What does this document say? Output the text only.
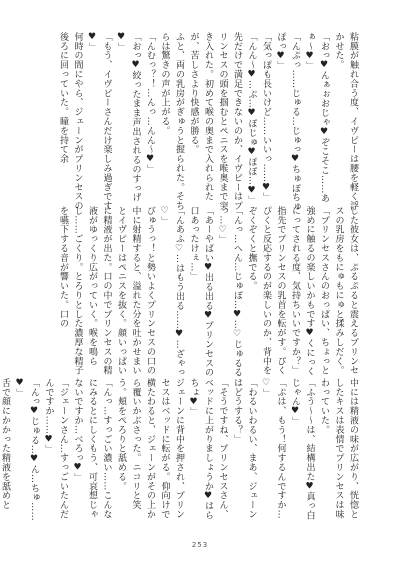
粘膜が触れ合う度、イヴピーは腰を軽く浮かせた。
「おっ♥んぁぉおじゃ♥ぞこそこ……あぁ～♥」
「んぷっ……じゅる…じゅっ♥ちゅぽちゅぽっ♥」
「気っぽも長いけど……いいっ……♥」
「んん～♥…ぷ…♥ぽじゅ♥ぽぽ…♥」
先だけで満足できないのか、イヴピーはプリンセスの頭を掴むとペニスを喉奥まで突き入れた。初めて喉の奥まで入れられたが、苦しさより快感が勝る。
ふと、両の乳房がぎゅうと握られた。そちらは驚きの声が上がる。
「んむっ？！…んっ…んん～♥」
「おっ♥絞ったまま声出されるのすっげ♥」
「もう、イヴピーさんだけ楽しみ過ぎです♥」
何時の間にやら、ジェーンがプリンセスの後ろに回っていた。瞳を持て余
した彼女は、ぷるぷると震えるプリンセスの乳房をもにゅもにゅと揉みしだく。
「プリンセスさんのおっぱい、ちょっと強めに触るの楽しいかもです♥くにっくにってされる度、気持ちいいですか？」
指先でプリンセスの乳首を転がす。ぴくぴくと反応するのが楽しいのか、背中をぞくぞくと撫でる。
「んっ…へん…じゅぽ…♥…♡じゅるるっ…♡」
「あーやばい♥出る出る♥プリンセスの口あったけぇ…」
「んあふ♡…はもう出る……♥…ざゃっ♡」
びゅうっ！と勢いよくプリンセスの口の中に射精すると、溢れた分を吐かせまいとイヴピーはペニスを抜く。顔いっぱいに精液が出た。口の中でプリンセスの精液がゆっくり広がっていく。喉を鳴らし……ごくり。とろりとした濃厚な精子を嚥下する音が響いた。口の
中には精液の味が広がり、恍惚としたキスは表情でプリンセスは味わっていた。
「ふう～～は、結構出た♥真っ白じゃん♥」
「ぷは、もう！何するんですか…♡」
「わるいわるい、まあ、ジェーンはどうする？」
「そうですね、プリンセスさん、ベッドに上がりましょうか♥はらちょ♥」
ジェーンに背中を押され、プリンセスはベッドに転がる。仰向けで横たわると、ジェーンがその上から覆いかぶさった。ニコリと笑う。頬をぺろりと舐める。
「んっ…すっごい濃い……こんなにみるとにしくもう、可哀想じゃないですか…べろっ♥」
「ジェーンさん…すっごいたんだんですか……♥」
「んっ♥じゅる…♥ん…ちゅ……♥」
舌で顔にかかった精液を舐めと
253
